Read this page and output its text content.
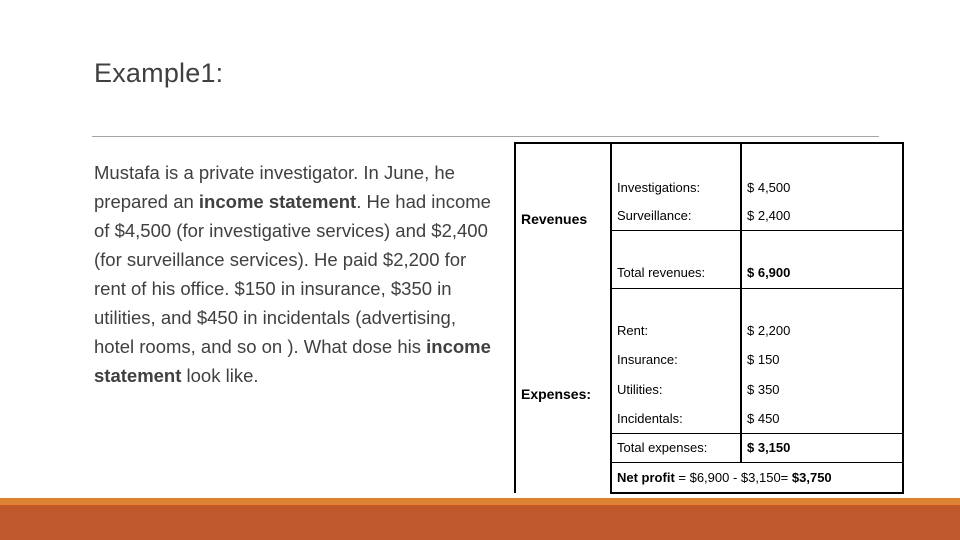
Example1:
Mustafa is a private investigator. In June, he prepared an income statement. He had income of $4,500 (for investigative services) and $2,400 (for surveillance services). He paid $2,200 for rent of his office. $150 in insurance, $350 in utilities, and $450 in incidentals (advertising, hotel rooms, and so on ). What dose his income statement look like.
Revenues		
	Investigations:	$ 4,500
	Surveillance:	$ 2,400

	Total revenues:	$ 6,900
Expenses:		
	Rent:	$ 2,200
	Insurance:	$ 150
	Utilities:	$ 350
	Incidentals:	$ 450
	Total expenses:	$ 3,150
	Net profit = $6,900 - $3,150= $3,750	
